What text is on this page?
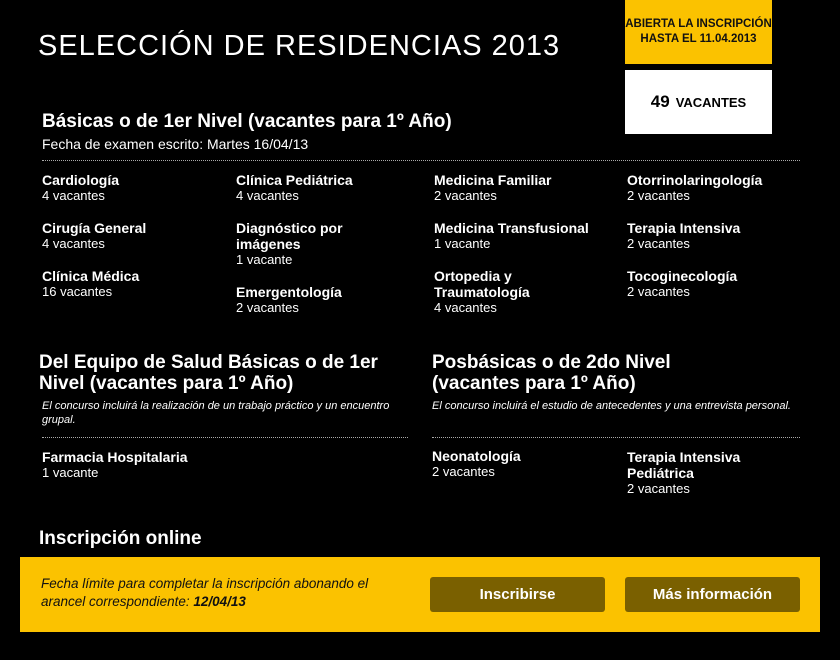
SELECCIÓN DE RESIDENCIAS 2013
ABIERTA LA INSCRIPCIÓN
HASTA EL 11.04.2013
49 VACANTES
Básicas o de 1er Nivel (vacantes para 1º Año)
Fecha de examen escrito: Martes 16/04/13
Cardiología
4 vacantes
Cirugía General
4 vacantes
Clínica Médica
16 vacantes
Clínica Pediátrica
4 vacantes
Diagnóstico por imágenes
1 vacante
Emergentología
2 vacantes
Medicina Familiar
2 vacantes
Medicina Transfusional
1 vacante
Ortopedia y Traumatología
4 vacantes
Otorrinolaringología
2 vacantes
Terapia Intensiva
2 vacantes
Tocoginecología
2 vacantes
Del Equipo de Salud Básicas o de 1er Nivel (vacantes para 1º Año)
El concurso incluirá la realización de un trabajo práctico y un encuentro grupal.
Farmacia Hospitalaria
1 vacante
Posbásicas o de 2do Nivel (vacantes para 1º Año)
El concurso incluirá el estudio de antecedentes y una entrevista personal.
Neonatología
2 vacantes
Terapia Intensiva Pediátrica
2 vacantes
Inscripción online
Fecha límite para completar la inscripción abonando el arancel correspondiente: 12/04/13	Inscribirse	Más información
